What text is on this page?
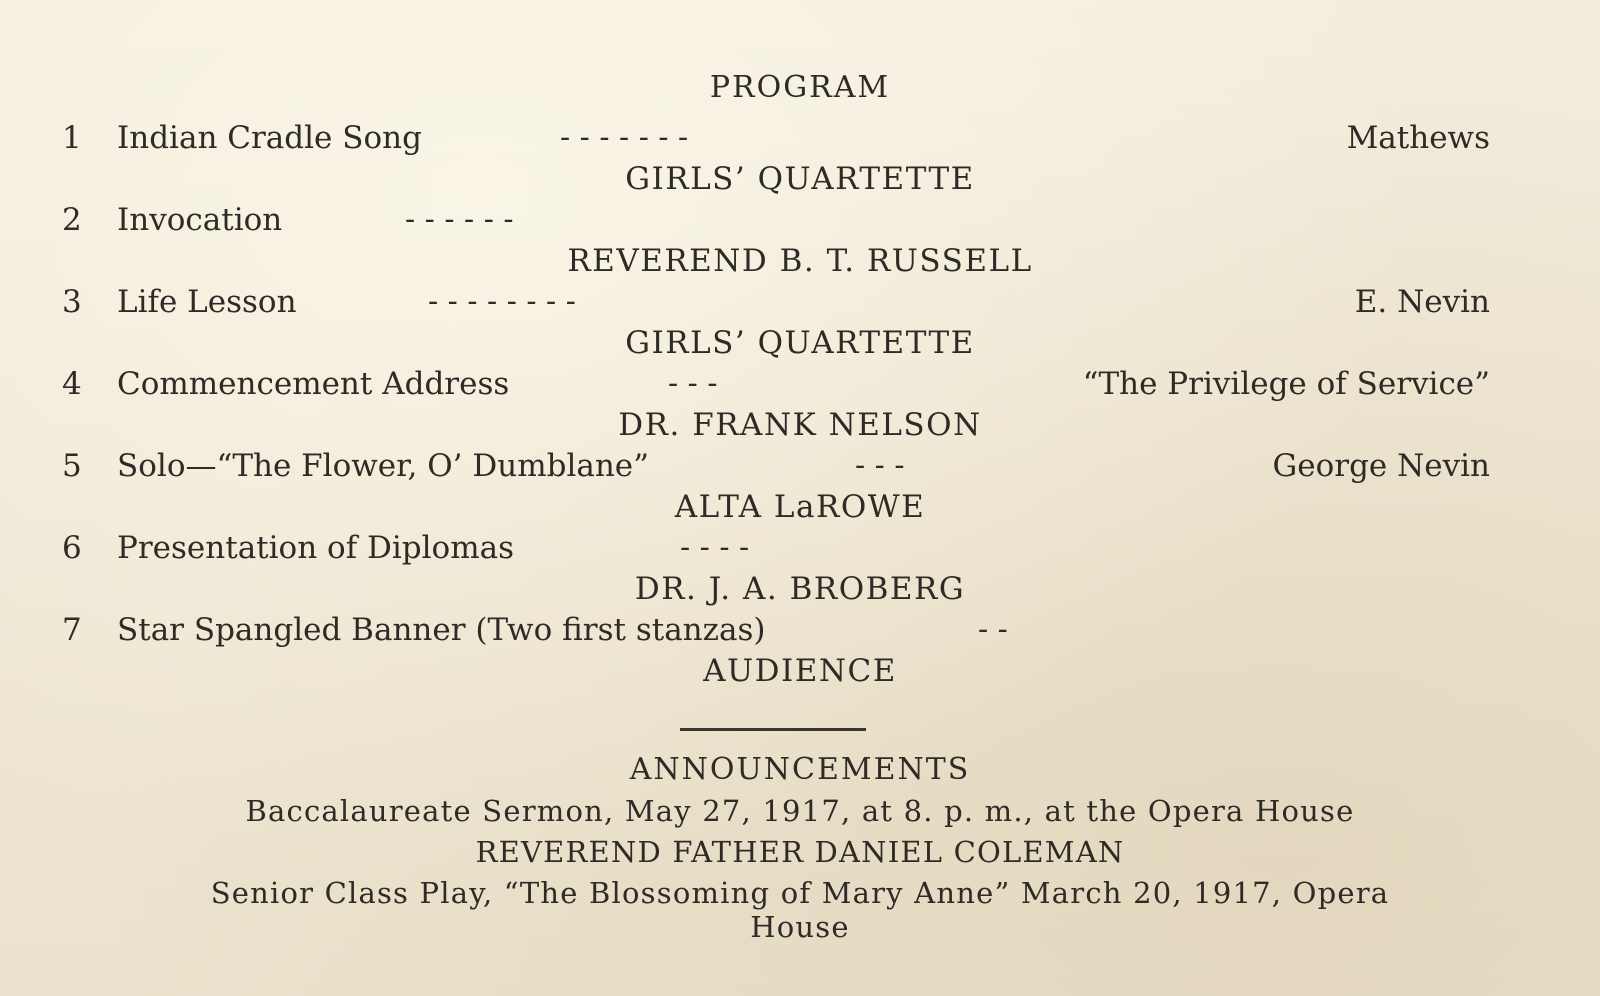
PROGRAM
1 Indian Cradle Song	- - - - - - -	Mathews
GIRLS’ QUARTETTE
2 Invocation	- - - - - -
REVEREND B. T. RUSSELL
3 Life Lesson	- - - - - - - -	E. Nevin
GIRLS’ QUARTETTE
4 Commencement Address	- - -	“The Privilege of Service”
DR. FRANK NELSON
5 Solo—“The Flower, O’ Dumblane”	- - -	George Nevin
ALTA LaROWE
6 Presentation of Diplomas	- - - -
DR. J. A. BROBERG
7 Star Spangled Banner (Two first stanzas)	- -
AUDIENCE
ANNOUNCEMENTS
Baccalaureate Sermon, May 27, 1917, at 8. p. m., at the Opera House
REVEREND FATHER DANIEL COLEMAN
Senior Class Play, “The Blossoming of Mary Anne” March 20, 1917, Opera
House
